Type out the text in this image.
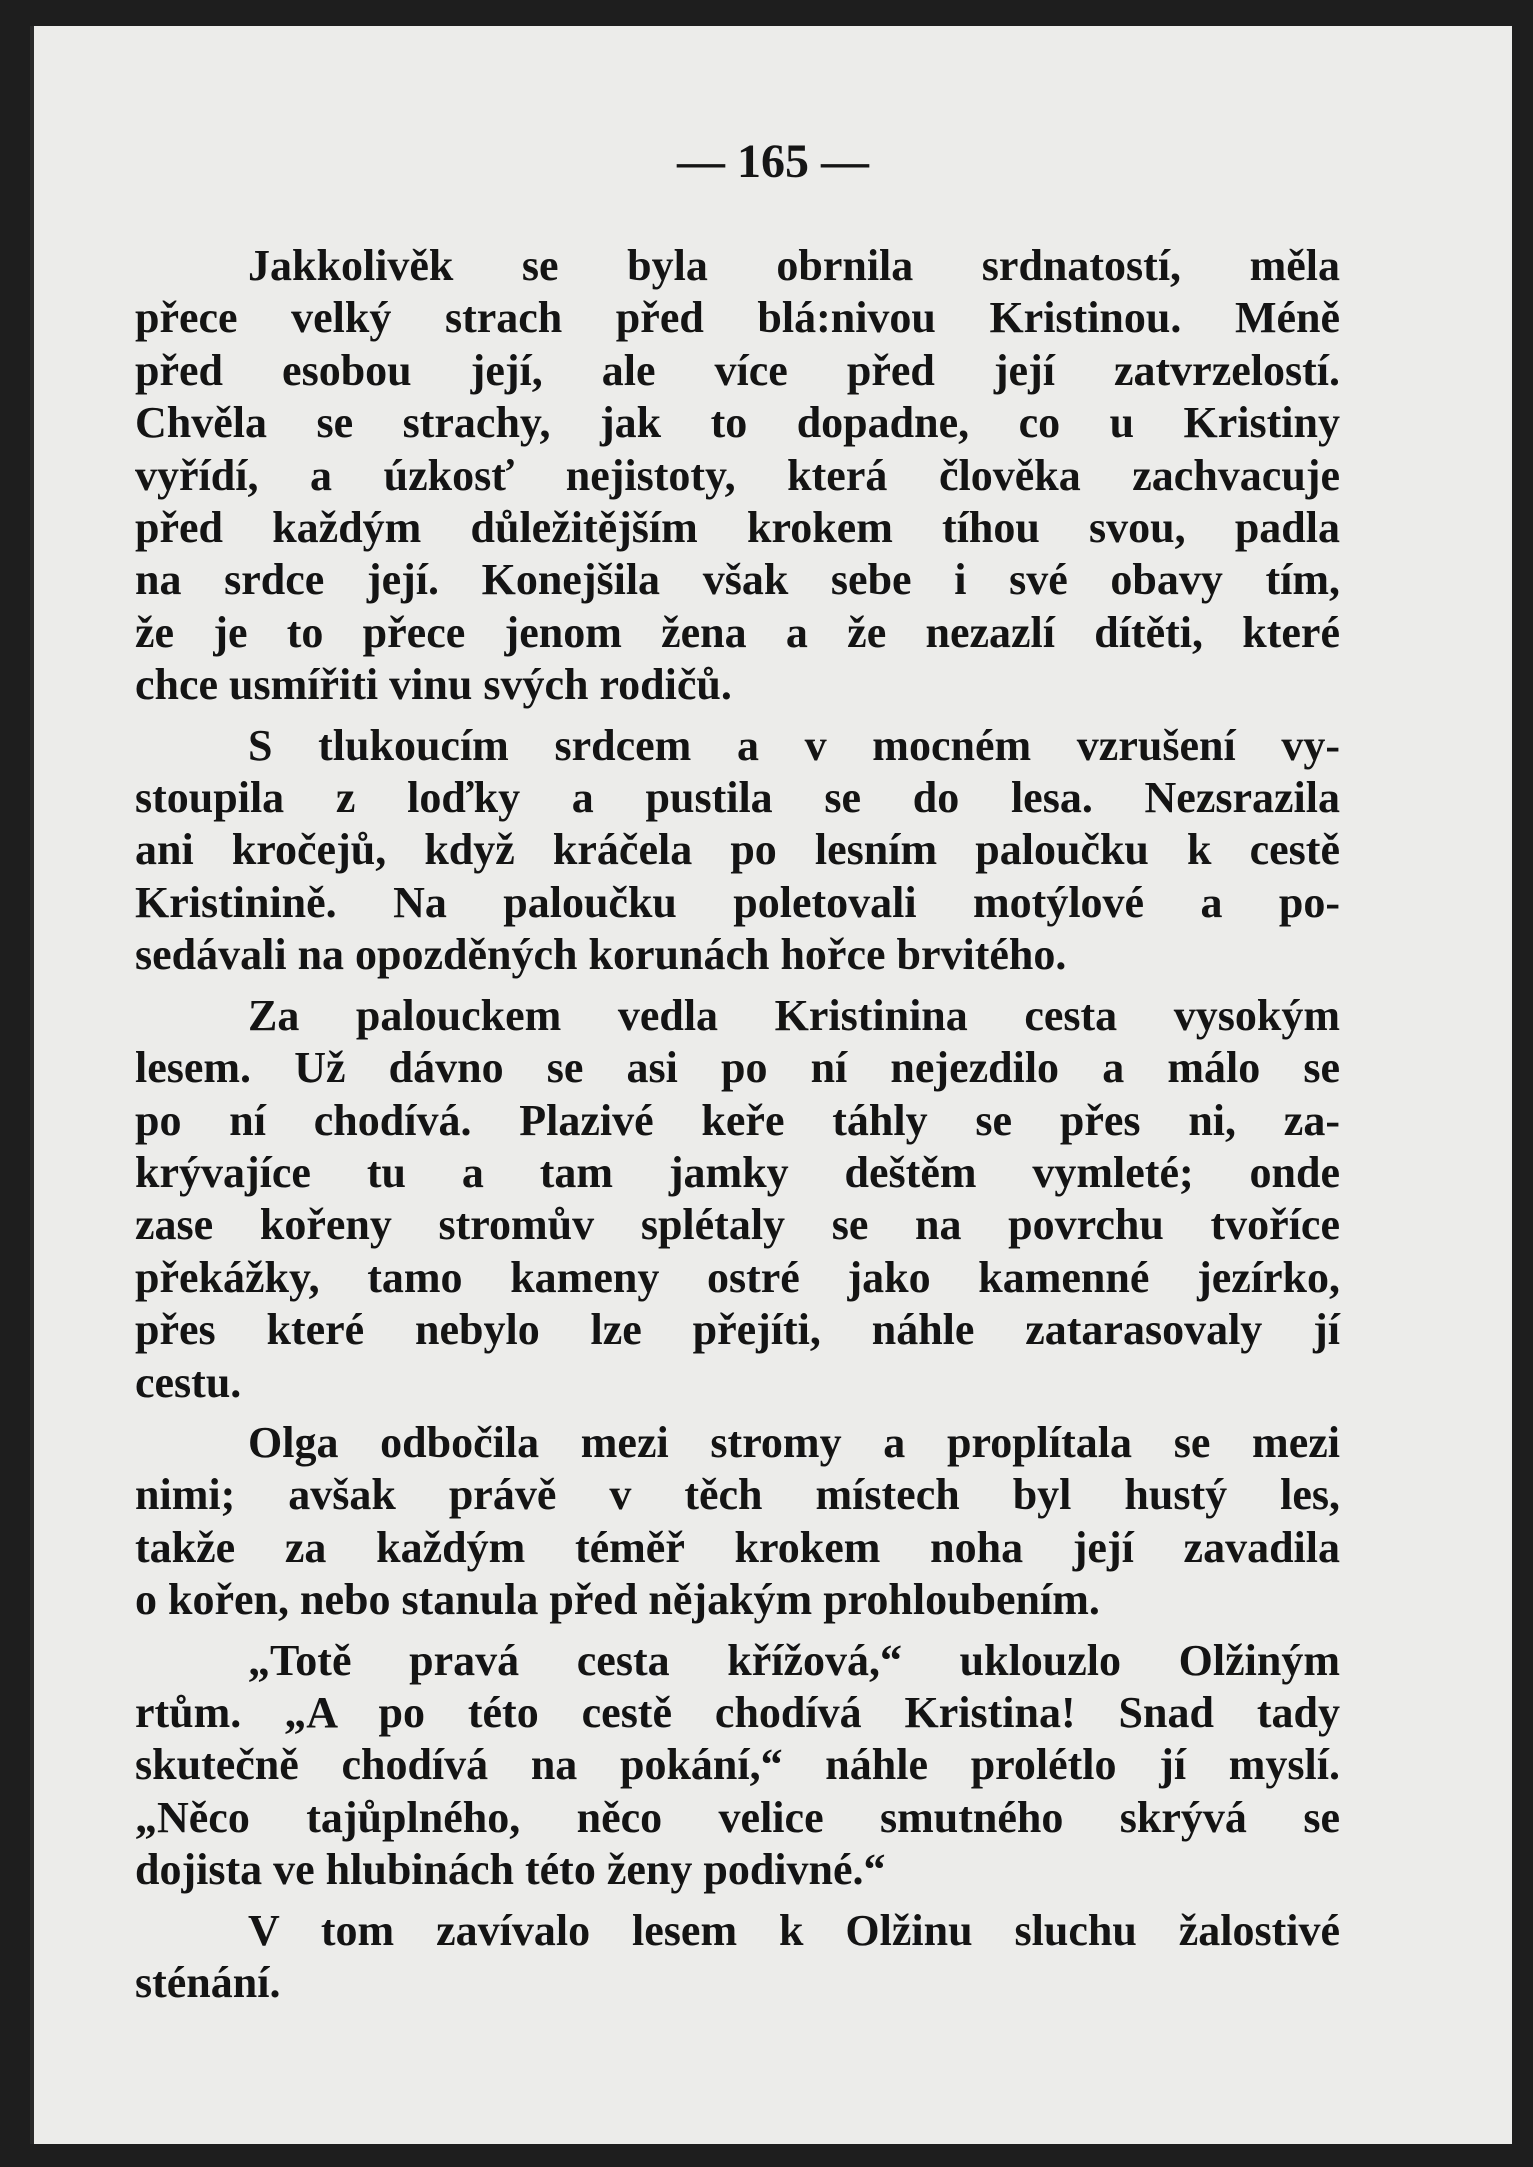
— 165 —

Jakkolivěk se byla obrnila srdnatostí, měla
přece velký strach před blá:nivou Kristinou. Méně
před esobou její, ale více před její zatvrzelostí.
Chvěla se strachy, jak to dopadne, co u Kristiny
vyřídí, a úzkosť nejistoty, která člověka zachvacuje
před každým důležitějším krokem tíhou svou, padla
na srdce její. Konejšila však sebe i své obavy tím,
že je to přece jenom žena a že nezazlí dítěti, které
chce usmířiti vinu svých rodičů.

S tlukoucím srdcem a v mocném vzrušení vy-
stoupila z loďky a pustila se do lesa. Nezsrazila
ani kročejů, když kráčela po lesním paloučku k cestě
Kristinině. Na paloučku poletovali motýlové a po-
sedávali na opozděných korunách hořce brvitého.

Za palouckem vedla Kristinina cesta vysokým
lesem. Už dávno se asi po ní nejezdilo a málo se
po ní chodívá. Plazivé keře táhly se přes ni, za-
krývajíce tu a tam jamky deštěm vymleté; onde
zase kořeny stromův splétaly se na povrchu tvoříce
překážky, tamo kameny ostré jako kamenné jezírko,
přes které nebylo lze přejíti, náhle zatarasovaly jí
cestu.

Olga odbočila mezi stromy a proplítala se mezi
nimi; avšak právě v těch místech byl hustý les,
takže za každým téměř krokem noha její zavadila
o kořen, nebo stanula před nějakým prohloubením.

„Totě pravá cesta křížová,“ uklouzlo Olžiným
rtům. „A po této cestě chodívá Kristina! Snad tady
skutečně chodívá na pokání,“ náhle prolétlo jí myslí.
„Něco tajůplného, něco velice smutného skrývá se
dojista ve hlubinách této ženy podivné.“

V tom zavívalo lesem k Olžinu sluchu žalostivé
sténání.
